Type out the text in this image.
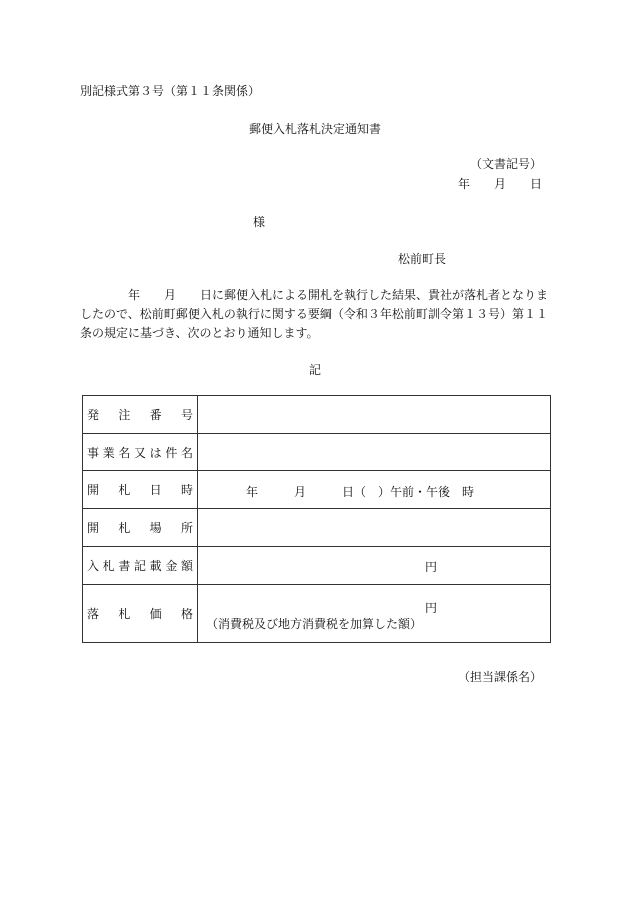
別記様式第３号（第１１条関係）
郵便入札落札決定通知書
（文書記号）
年　　月　　日
様
松前町長
　　　　年　　月　　日に郵便入札による開札を執行した結果、貴社が落札者となりましたので、松前町郵便入札の執行に関する要綱（令和３年松前町訓令第１３号）第１１条の規定に基づき、次のとおり通知します。
記
発注番号	
事業名又は件名	
開札日時	年 月 日（　）午前・午後　時

開札場所	
入札書記載金額	円

落札価格	円
（消費税及び地方消費税を加算した額）
（担当課係名）
